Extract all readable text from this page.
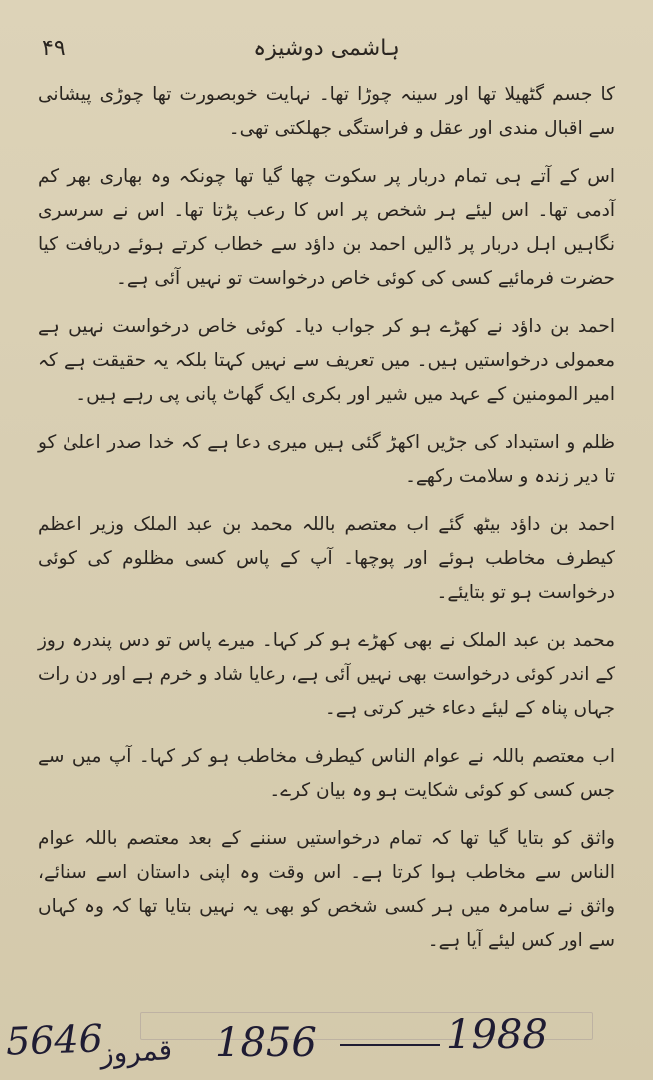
۴۹	ہاشمی دوشیزہ

کا جسم گٹھیلا تھا اور سینہ چوڑا تھا۔ نہایت خوبصورت تھا چوڑی پیشانی سے اقبال مندی اور عقل و فراستگی جھلکتی تھی۔

اس کے آتے ہی تمام دربار پر سکوت چھا گیا تھا چونکہ وہ بھاری بھر کم آدمی تھا۔ اس لیئے ہر شخص پر اس کا رعب پڑتا تھا۔ اس نے سرسری نگاہیں اہل دربار پر ڈالیں احمد بن داؤد سے خطاب کرتے ہوئے دریافت کیا حضرت فرمائیے کسی کی کوئی خاص درخواست تو نہیں آئی ہے۔

احمد بن داؤد نے کھڑے ہو کر جواب دیا۔ کوئی خاص درخواست نہیں ہے معمولی درخواستیں ہیں۔ میں تعریف سے نہیں کہتا بلکہ یہ حقیقت ہے کہ امیر المومنین کے عہد میں شیر اور بکری ایک گھاٹ پانی پی رہے ہیں۔

ظلم و استبداد کی جڑیں اکھڑ گئی ہیں میری دعا ہے کہ خدا صدر اعلیٰ کو تا دیر زندہ و سلامت رکھے۔

احمد بن داؤد بیٹھ گئے اب معتصم باللہ محمد بن عبد الملک وزیر اعظم کیطرف مخاطب ہوئے اور پوچھا۔ آپ کے پاس کسی مظلوم کی کوئی درخواست ہو تو بتایئے۔

محمد بن عبد الملک نے بھی کھڑے ہو کر کہا۔ میرے پاس تو دس پندرہ روز کے اندر کوئی درخواست بھی نہیں آئی ہے، رعایا شاد و خرم ہے اور دن رات جہاں پناہ کے لیئے دعاء خیر کرتی ہے۔

اب معتصم باللہ نے عوام الناس کیطرف مخاطب ہو کر کہا۔ آپ میں سے جس کسی کو کوئی شکایت ہو وہ بیان کرے۔

واثق کو بتایا گیا تھا کہ تمام درخواستیں سننے کے بعد معتصم باللہ عوام الناس سے مخاطب ہوا کرتا ہے۔ اس وقت وہ اپنی داستان اسے سنائے، واثق نے سامرہ میں ہر کسی شخص کو بھی یہ نہیں بتایا تھا کہ وہ کہاں سے اور کس لیئے آیا ہے۔

5646
قمروز 1856	1988
